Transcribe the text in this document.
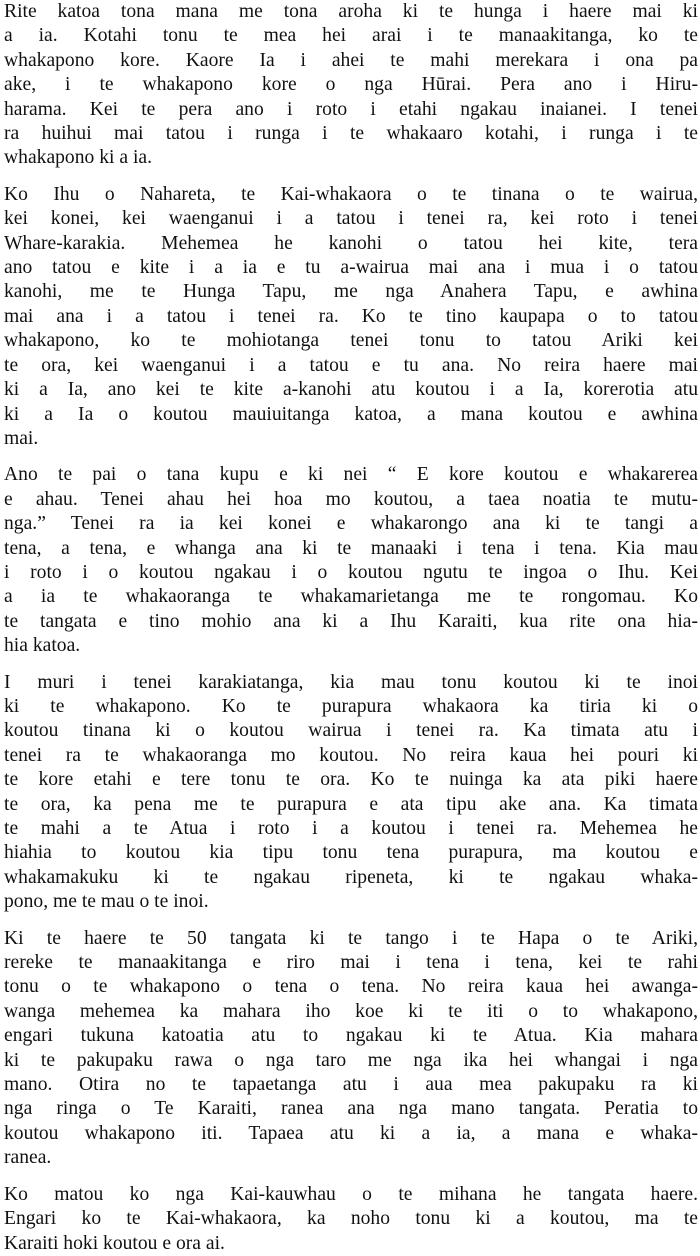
Rite katoa tona mana me tona aroha ki te hunga i haere mai ki
a ia. Kotahi tonu te mea hei arai i te manaakitanga, ko te
whakapono kore. Kaore Ia i ahei te mahi merekara i ona pa
ake, i te whakapono kore o nga Hūrai. Pera ano i Hiru-
harama. Kei te pera ano i roto i etahi ngakau inaianei. I tenei
ra huihui mai tatou i runga i te whakaaro kotahi, i runga i te
whakapono ki a ia.
Ko Ihu o Nahareta, te Kai-whakaora o te tinana o te wairua,
kei konei, kei waenganui i a tatou i tenei ra, kei roto i tenei
Whare-karakia. Mehemea he kanohi o tatou hei kite, tera
ano tatou e kite i a ia e tu a-wairua mai ana i mua i o tatou
kanohi, me te Hunga Tapu, me nga Anahera Tapu, e awhina
mai ana i a tatou i tenei ra. Ko te tino kaupapa o to tatou
whakapono, ko te mohiotanga tenei tonu to tatou Ariki kei
te ora, kei waenganui i a tatou e tu ana. No reira haere mai
ki a Ia, ano kei te kite a-kanohi atu koutou i a Ia, korerotia atu
ki a Ia o koutou mauiuitanga katoa, a mana koutou e awhina
mai.
Ano te pai o tana kupu e ki nei “ E kore koutou e whakarerea
e ahau. Tenei ahau hei hoa mo koutou, a taea noatia te mutu-
nga.” Tenei ra ia kei konei e whakarongo ana ki te tangi a
tena, a tena, e whanga ana ki te manaaki i tena i tena. Kia mau
i roto i o koutou ngakau i o koutou ngutu te ingoa o Ihu. Kei
a ia te whakaoranga te whakamarietanga me te rongomau. Ko
te tangata e tino mohio ana ki a Ihu Karaiti, kua rite ona hia-
hia katoa.
I muri i tenei karakiatanga, kia mau tonu koutou ki te inoi
ki te whakapono. Ko te purapura whakaora ka tiria ki o
koutou tinana ki o koutou wairua i tenei ra. Ka timata atu i
tenei ra te whakaoranga mo koutou. No reira kaua hei pouri ki
te kore etahi e tere tonu te ora. Ko te nuinga ka ata piki haere
te ora, ka pena me te purapura e ata tipu ake ana. Ka timata
te mahi a te Atua i roto i a koutou i tenei ra. Mehemea he
hiahia to koutou kia tipu tonu tena purapura, ma koutou e
whakamakuku ki te ngakau ripeneta, ki te ngakau whaka-
pono, me te mau o te inoi.
Ki te haere te 50 tangata ki te tango i te Hapa o te Ariki,
rereke te manaakitanga e riro mai i tena i tena, kei te rahi
tonu o te whakapono o tena o tena. No reira kaua hei awanga-
wanga mehemea ka mahara iho koe ki te iti o to whakapono,
engari tukuna katoatia atu to ngakau ki te Atua. Kia mahara
ki te pakupaku rawa o nga taro me nga ika hei whangai i nga
mano. Otira no te tapaetanga atu i aua mea pakupaku ra ki
nga ringa o Te Karaiti, ranea ana nga mano tangata. Peratia to
koutou whakapono iti. Tapaea atu ki a ia, a mana e whaka-
ranea.
Ko matou ko nga Kai-kauwhau o te mihana he tangata haere.
Engari ko te Kai-whakaora, ka noho tonu ki a koutou, ma te
Karaiti hoki koutou e ora ai.
